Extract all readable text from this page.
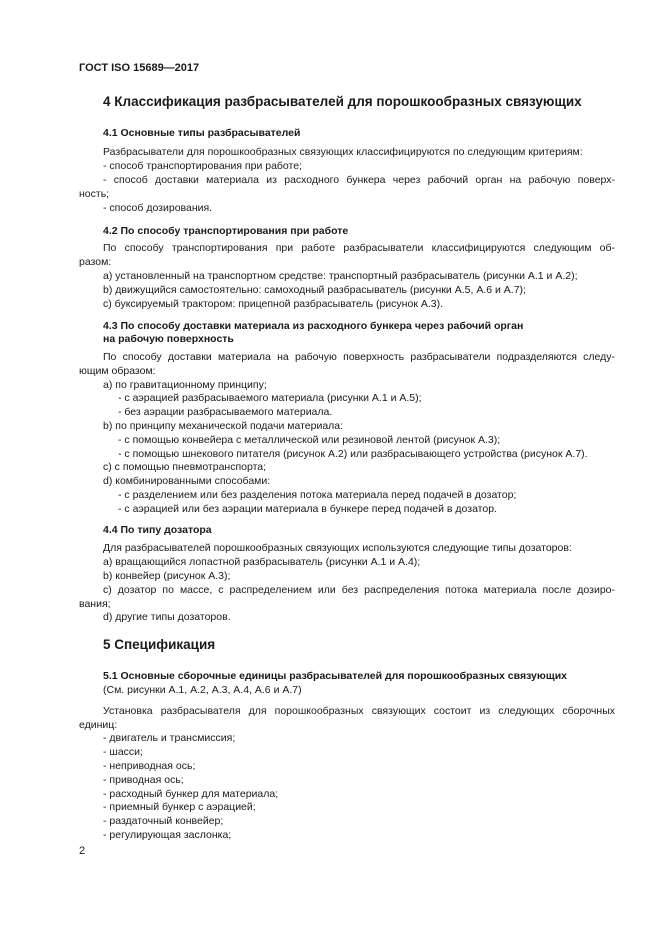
ГОСТ ISO 15689—2017
4 Классификация разбрасывателей для порошкообразных связующих
4.1 Основные типы разбрасывателей
Разбрасыватели для порошкообразных связующих классифицируются по следующим критериям:
- способ транспортирования при работе;
- способ доставки материала из расходного бункера через рабочий орган на рабочую поверх-
ность;
- способ дозирования.
4.2 По способу транспортирования при работе
По способу транспортирования при работе разбрасыватели классифицируются следующим об-
разом:
а) установленный на транспортном средстве: транспортный разбрасыватель (рисунки А.1 и А.2);
b) движущийся самостоятельно: самоходный разбрасыватель (рисунки А.5, А.6 и А.7);
с) буксируемый трактором: прицепной разбрасыватель (рисунок А.3).
4.3 По способу доставки материала из расходного бункера через рабочий орган
на рабочую поверхность
По способу доставки материала на рабочую поверхность разбрасыватели подразделяются следу-
ющим образом:
а) по гравитационному принципу;
- с аэрацией разбрасываемого материала (рисунки А.1 и А.5);
- без аэрации разбрасываемого материала.
b) по принципу механической подачи материала:
- с помощью конвейера с металлической или резиновой лентой (рисунок А.3);
- с помощью шнекового питателя (рисунок А.2) или разбрасывающего устройства (рисунок А.7).
с) с помощью пневмотранспорта;
d) комбинированными способами:
- с разделением или без разделения потока материала перед подачей в дозатор;
- с аэрацией или без аэрации материала в бункере перед подачей в дозатор.
4.4 По типу дозатора
Для разбрасывателей порошкообразных связующих используются следующие типы дозаторов:
а) вращающийся лопастной разбрасыватель (рисунки А.1 и А.4);
b) конвейер (рисунок А.3);
с) дозатор по массе, с распределением или без распределения потока материала после дозиро-
вания;
d) другие типы дозаторов.
5 Спецификация
5.1 Основные сборочные единицы разбрасывателей для порошкообразных связующих
(См. рисунки А.1, А.2, А.3, А.4, А.6 и А.7)
Установка разбрасывателя для порошкообразных связующих состоит из следующих сборочных
единиц:
- двигатель и трансмиссия;
- шасси;
- неприводная ось;
- приводная ось;
- расходный бункер для материала;
- приемный бункер с аэрацией;
- раздаточный конвейер;
- регулирующая заслонка;
2
